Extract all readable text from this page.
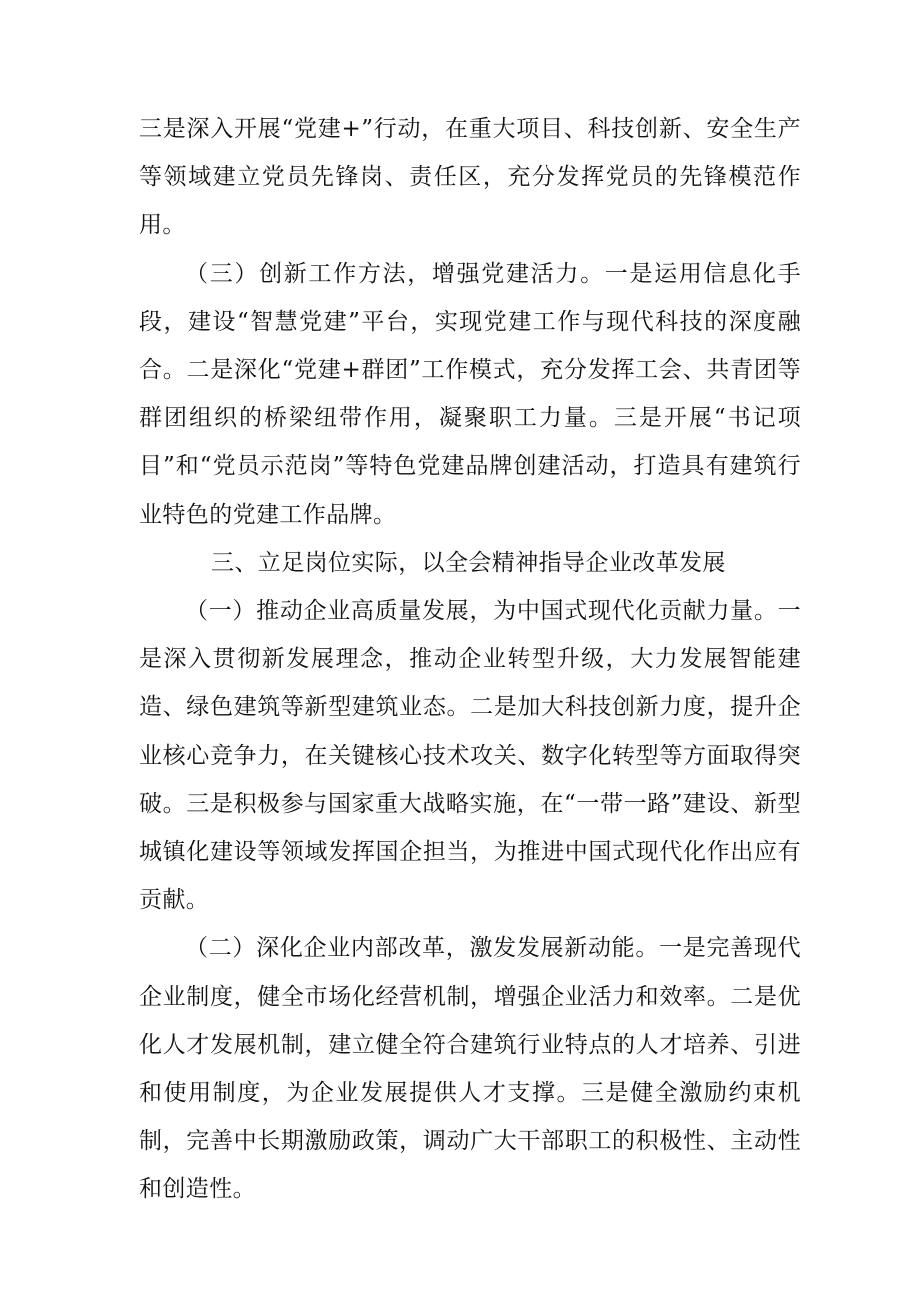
三是深入开展“党建+”行动，在重大项目、科技创新、安全生产等领域建立党员先锋岗、责任区，充分发挥党员的先锋模范作用。

（三）创新工作方法，增强党建活力。一是运用信息化手段，建设“智慧党建”平台，实现党建工作与现代科技的深度融合。二是深化“党建+群团”工作模式，充分发挥工会、共青团等群团组织的桥梁纽带作用，凝聚职工力量。三是开展“书记项目”和“党员示范岗”等特色党建品牌创建活动，打造具有建筑行业特色的党建工作品牌。

三、立足岗位实际，以全会精神指导企业改革发展

（一）推动企业高质量发展，为中国式现代化贡献力量。一是深入贯彻新发展理念，推动企业转型升级，大力发展智能建造、绿色建筑等新型建筑业态。二是加大科技创新力度，提升企业核心竞争力，在关键核心技术攻关、数字化转型等方面取得突破。三是积极参与国家重大战略实施，在“一带一路”建设、新型城镇化建设等领域发挥国企担当，为推进中国式现代化作出应有贡献。

（二）深化企业内部改革，激发发展新动能。一是完善现代企业制度，健全市场化经营机制，增强企业活力和效率。二是优化人才发展机制，建立健全符合建筑行业特点的人才培养、引进和使用制度，为企业发展提供人才支撑。三是健全激励约束机制，完善中长期激励政策，调动广大干部职工的积极性、主动性和创造性。
